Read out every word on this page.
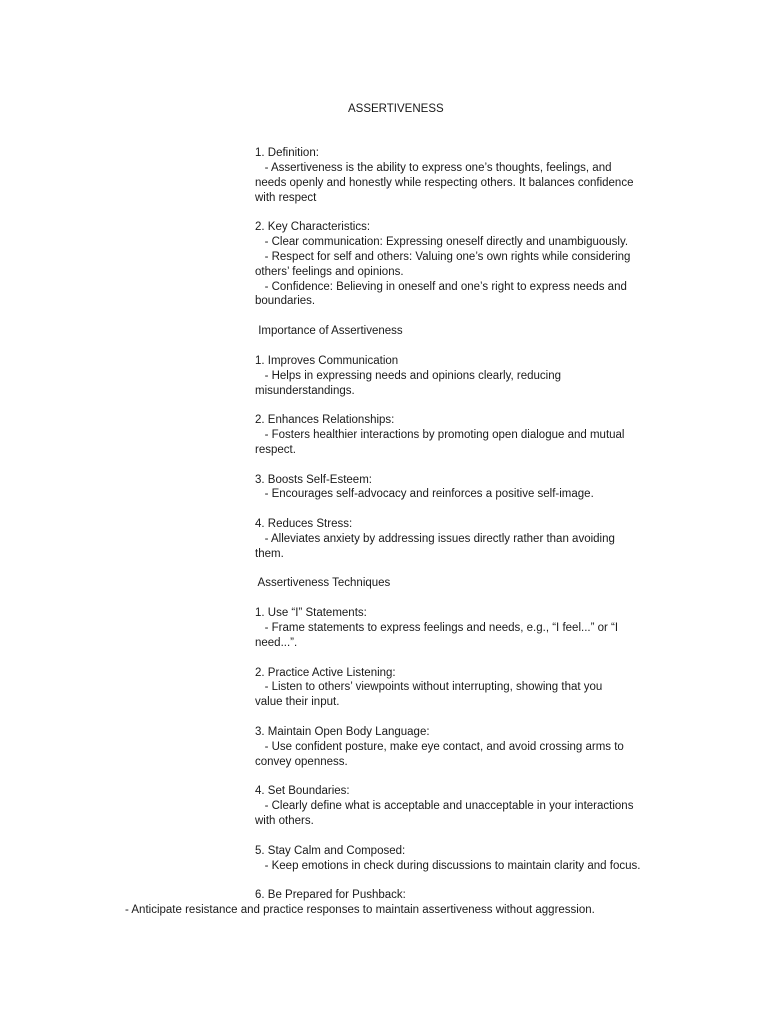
ASSERTIVENESS
1. Definition:
- Assertiveness is the ability to express one’s thoughts, feelings, and
needs openly and honestly while respecting others. It balances confidence
with respect
2. Key Characteristics:
- Clear communication: Expressing oneself directly and unambiguously.
- Respect for self and others: Valuing one’s own rights while considering
others’ feelings and opinions.
- Confidence: Believing in oneself and one’s right to express needs and
boundaries.
Importance of Assertiveness
1. Improves Communication
- Helps in expressing needs and opinions clearly, reducing
misunderstandings.
2. Enhances Relationships:
- Fosters healthier interactions by promoting open dialogue and mutual
respect.
3. Boosts Self-Esteem:
- Encourages self-advocacy and reinforces a positive self-image.
4. Reduces Stress:
- Alleviates anxiety by addressing issues directly rather than avoiding
them.
Assertiveness Techniques
1. Use “I” Statements:
- Frame statements to express feelings and needs, e.g., “I feel...” or “I
need...”.
2. Practice Active Listening:
- Listen to others’ viewpoints without interrupting, showing that you
value their input.
3. Maintain Open Body Language:
- Use confident posture, make eye contact, and avoid crossing arms to
convey openness.
4. Set Boundaries:
- Clearly define what is acceptable and unacceptable in your interactions
with others.
5. Stay Calm and Composed:
- Keep emotions in check during discussions to maintain clarity and focus.
6. Be Prepared for Pushback:
- Anticipate resistance and practice responses to maintain assertiveness without aggression.
